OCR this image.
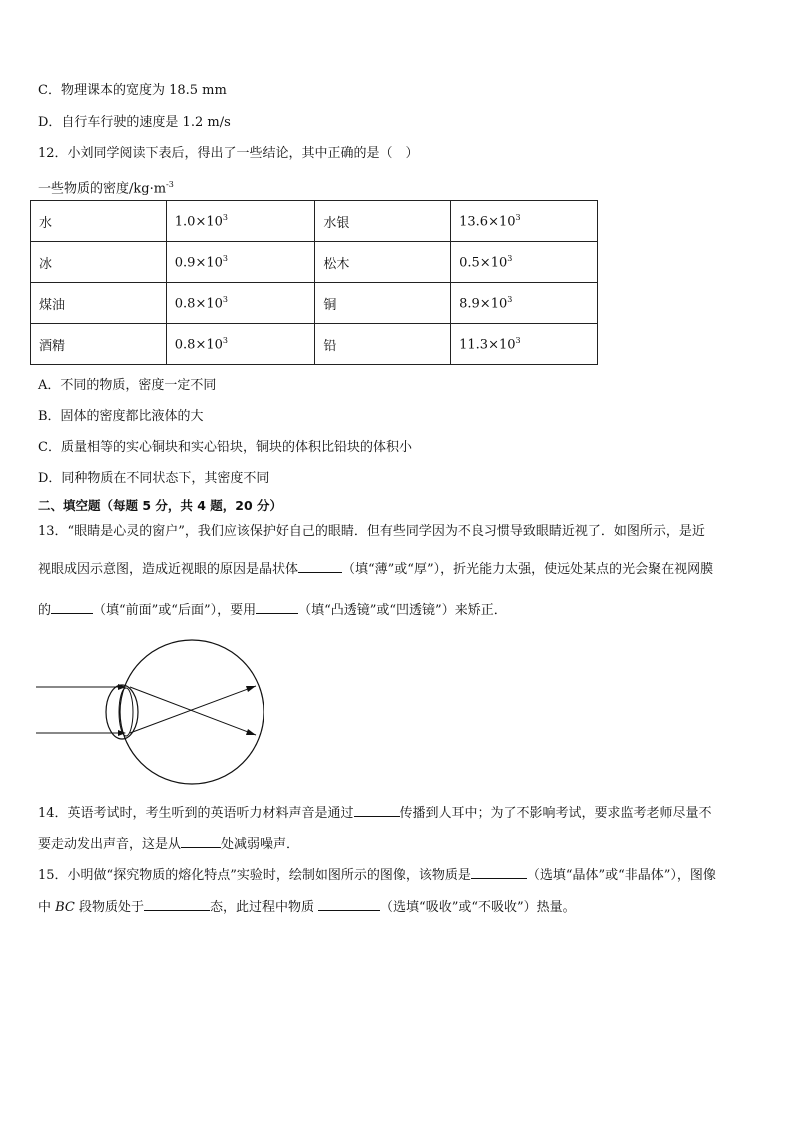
C．物理课本的宽度为 18.5 mm
D．自行车行驶的速度是 1.2 m/s
12．小刘同学阅读下表后，得出了一些结论，其中正确的是（　）
一些物质的密度$/kg\cdot m^{-3}$
水	$1.0\times 10^3$	水银	$13.6\times 10^3$
冰	$0.9\times 10^3$	松木	$0.5\times 10^3$
煤油	$0.8\times 10^3$	铜	$8.9\times 10^3$
酒精	$0.8\times 10^3$	铅	$11.3\times 10^3$
A．不同的物质，密度一定不同
B．固体的密度都比液体的大
C．质量相等的实心铜块和实心铅块，铜块的体积比铅块的体积小
D．同种物质在不同状态下，其密度不同
二、填空题（每题 5 分，共 4 题，20 分）
13．“眼睛是心灵的窗户”，我们应该保护好自己的眼睛．但有些同学因为不良习惯导致眼睛近视了．如图所示，是近
视眼成因示意图，造成近视眼的原因是晶状体	（填“薄”或“厚”），折光能力太强，使远处某点的光会聚在视网膜
的	（填“前面”或“后面”），要用	（填“凸透镜”或“凹透镜”）来矫正．
14．英语考试时，考生听到的英语听力材料声音是通过	传播到人耳中；为了不影响考试，要求监考老师尽量不
要走动发出声音，这是从	处减弱噪声．
15．小明做“探究物质的熔化特点”实验时，绘制如图所示的图像，该物质是	（选填“晶体”或“非晶体”），图像
中 BC 段物质处于	态，此过程中物质	（选填“吸收”或“不吸收”）热量。
